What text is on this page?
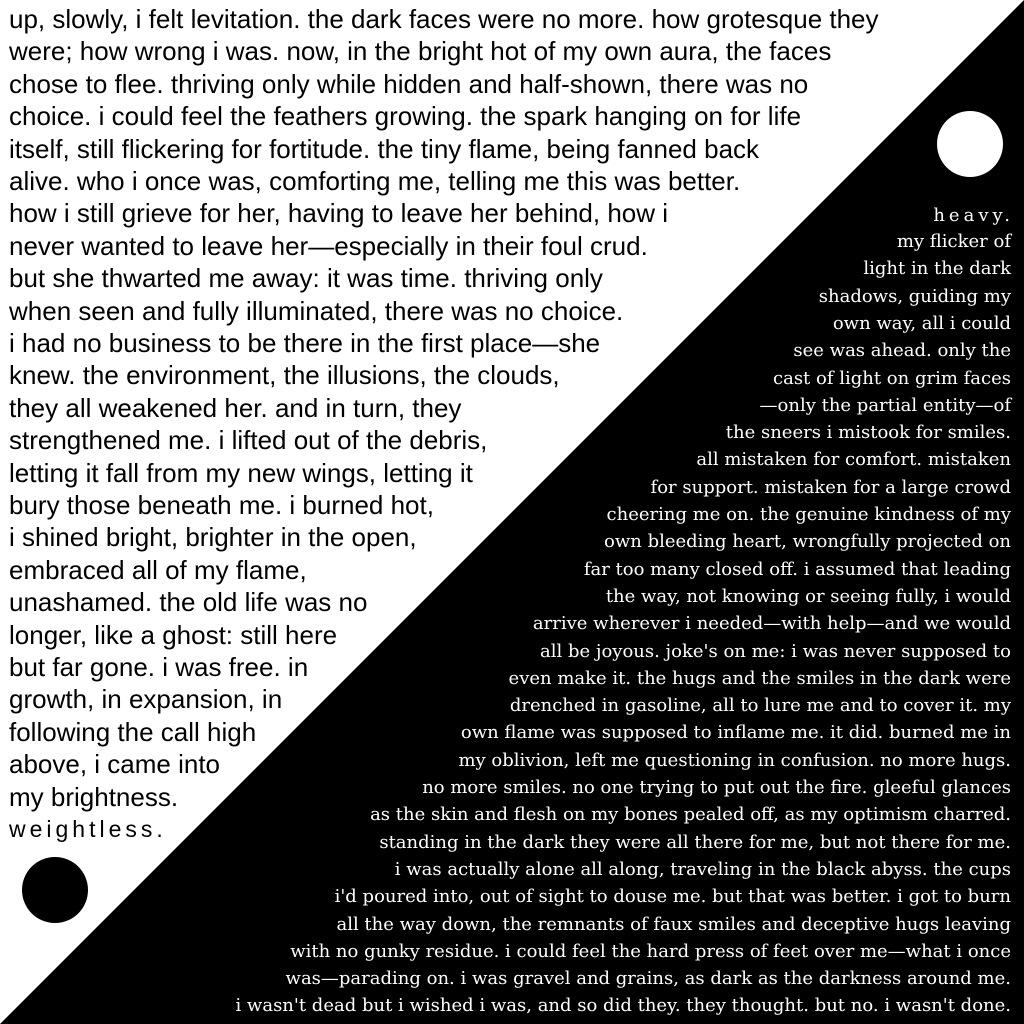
up, slowly, i felt levitation. the dark faces were no more. how grotesque they
were; how wrong i was. now, in the bright hot of my own aura, the faces
chose to flee. thriving only while hidden and half-shown, there was no
choice. i could feel the feathers growing. the spark hanging on for life
itself, still flickering for fortitude. the tiny flame, being fanned back
alive. who i once was, comforting me, telling me this was better.
how i still grieve for her, having to leave her behind, how i
never wanted to leave her—especially in their foul crud.
but she thwarted me away: it was time. thriving only
when seen and fully illuminated, there was no choice.
i had no business to be there in the first place—she
knew. the environment, the illusions, the clouds,
they all weakened her. and in turn, they
strengthened me. i lifted out of the debris,
letting it fall from my new wings, letting it
bury those beneath me. i burned hot,
i shined bright, brighter in the open,
embraced all of my flame,
unashamed. the old life was no
longer, like a ghost: still here
but far gone. i was free. in
growth, in expansion, in
following the call high
above, i came into
my brightness.
weightless.
heavy.
my flicker of
light in the dark
shadows, guiding my
own way, all i could
see was ahead. only the
cast of light on grim faces
—only the partial entity—of
the sneers i mistook for smiles.
all mistaken for comfort. mistaken
for support. mistaken for a large crowd
cheering me on. the genuine kindness of my
own bleeding heart, wrongfully projected on
far too many closed off. i assumed that leading
the way, not knowing or seeing fully, i would
arrive wherever i needed—with help—and we would
all be joyous. joke's on me: i was never supposed to
even make it. the hugs and the smiles in the dark were
drenched in gasoline, all to lure me and to cover it. my
own flame was supposed to inflame me. it did. burned me in
my oblivion, left me questioning in confusion. no more hugs.
no more smiles. no one trying to put out the fire. gleeful glances
as the skin and flesh on my bones pealed off, as my optimism charred.
standing in the dark they were all there for me, but not there for me.
i was actually alone all along, traveling in the black abyss. the cups
i'd poured into, out of sight to douse me. but that was better. i got to burn
all the way down, the remnants of faux smiles and deceptive hugs leaving
with no gunky residue. i could feel the hard press of feet over me—what i once
was—parading on. i was gravel and grains, as dark as the darkness around me.
i wasn't dead but i wished i was, and so did they. they thought. but no. i wasn't done.
